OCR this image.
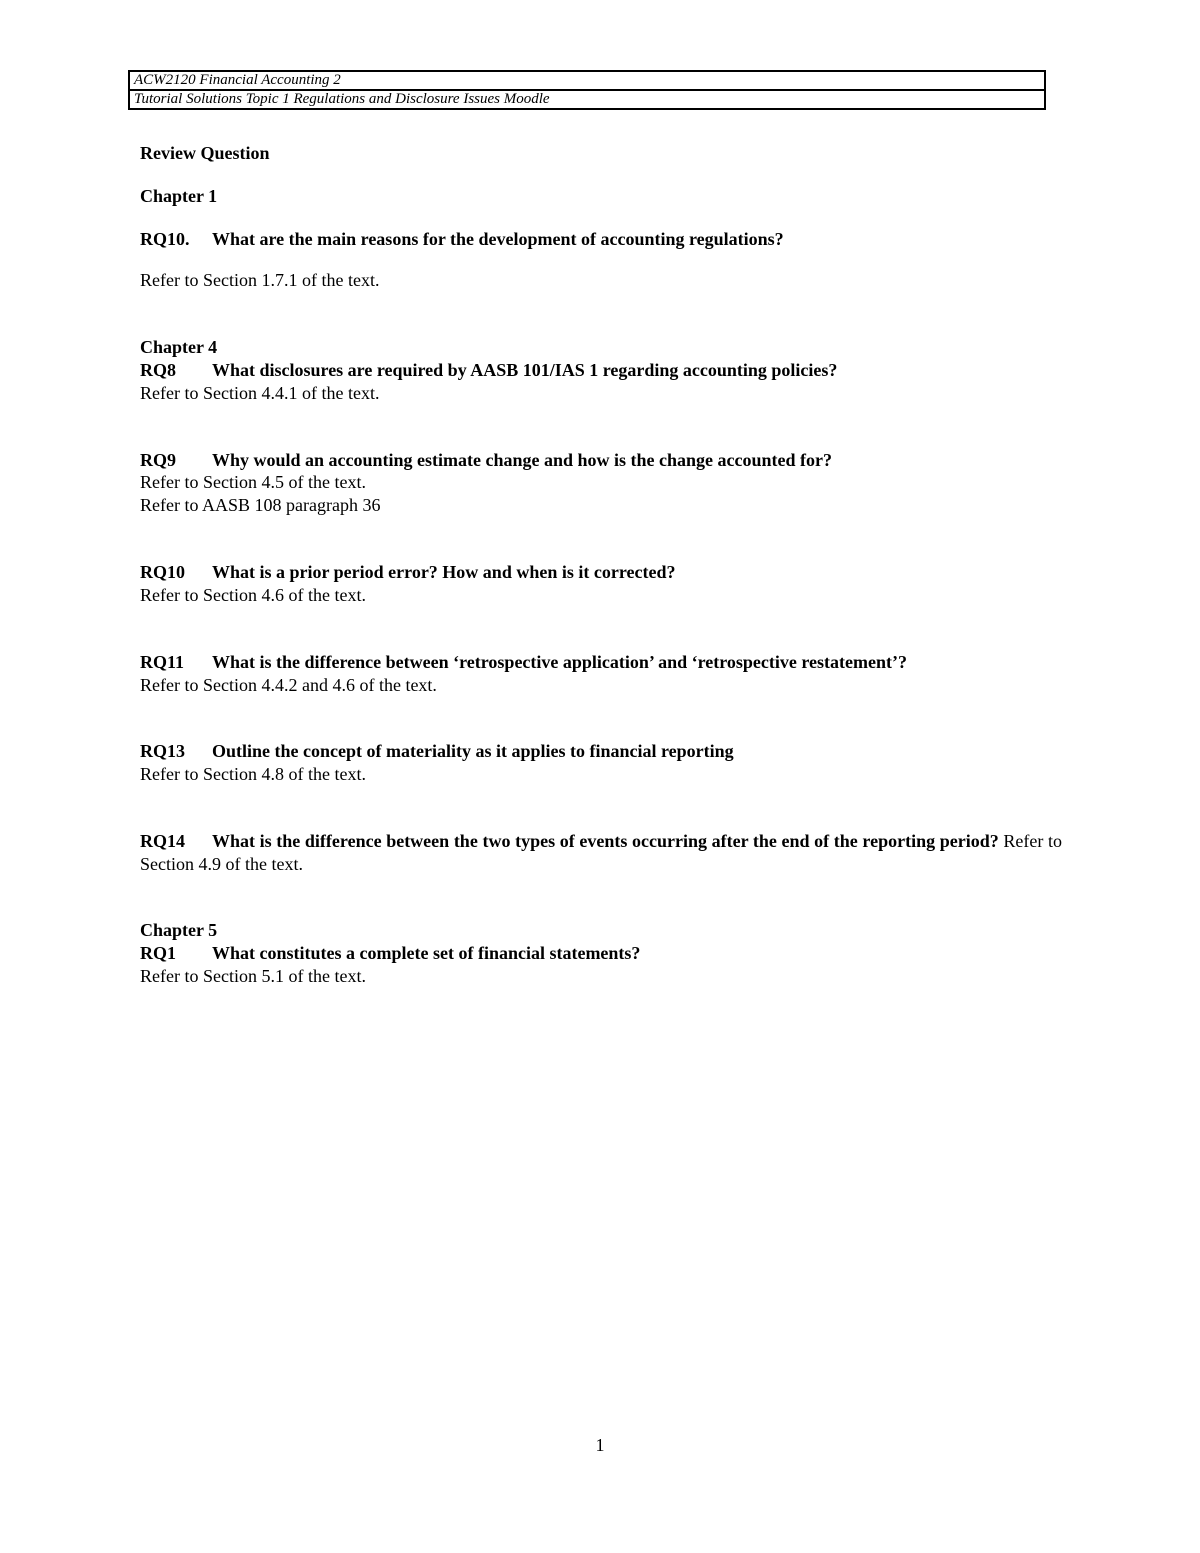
ACW2120 Financial Accounting 2
Tutorial Solutions Topic 1 Regulations and Disclosure Issues Moodle
Review Question
Chapter 1
RQ10. What are the main reasons for the development of accounting regulations?
Refer to Section 1.7.1 of the text.
Chapter 4
RQ8 What disclosures are required by AASB 101/IAS 1 regarding accounting policies?
Refer to Section 4.4.1 of the text.
RQ9 Why would an accounting estimate change and how is the change accounted for?
Refer to Section 4.5 of the text.
Refer to AASB 108 paragraph 36
RQ10 What is a prior period error? How and when is it corrected?
Refer to Section 4.6 of the text.
RQ11 What is the difference between ‘retrospective application’ and ‘retrospective restatement’?
Refer to Section 4.4.2 and 4.6 of the text.
RQ13 Outline the concept of materiality as it applies to financial reporting
Refer to Section 4.8 of the text.
RQ14 What is the difference between the two types of events occurring after the end of the reporting period? Refer to Section 4.9 of the text.
Chapter 5
RQ1 What constitutes a complete set of financial statements?
Refer to Section 5.1 of the text.
1
